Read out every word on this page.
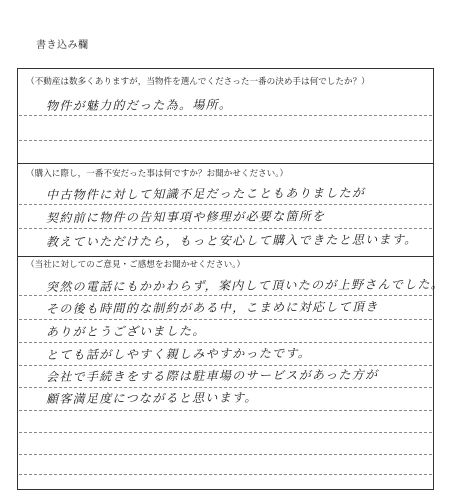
書き込み欄
（不動産は数多くありますが，当物件を選んでくださった一番の決め手は何でしたか？）
物件が魅力的だった為。場所。
（購入に際し，一番不安だった事は何ですか？お聞かせください。）
中古物件に対して知識不足だったこともありましたが
契約前に物件の告知事項や修理が必要な箇所を
教えていただけたら，もっと安心して購入できたと思います。
（当社に対してのご意見・ご感想をお聞かせください。）
突然の電話にもかかわらず，案内して頂いたのが上野さんでした。
その後も時間的な制約がある中，こまめに対応して頂き
ありがとうございました。
とても話がしやすく親しみやすかったです。
会社で手続きをする際は駐車場のサービスがあった方が
顧客満足度につながると思います。
